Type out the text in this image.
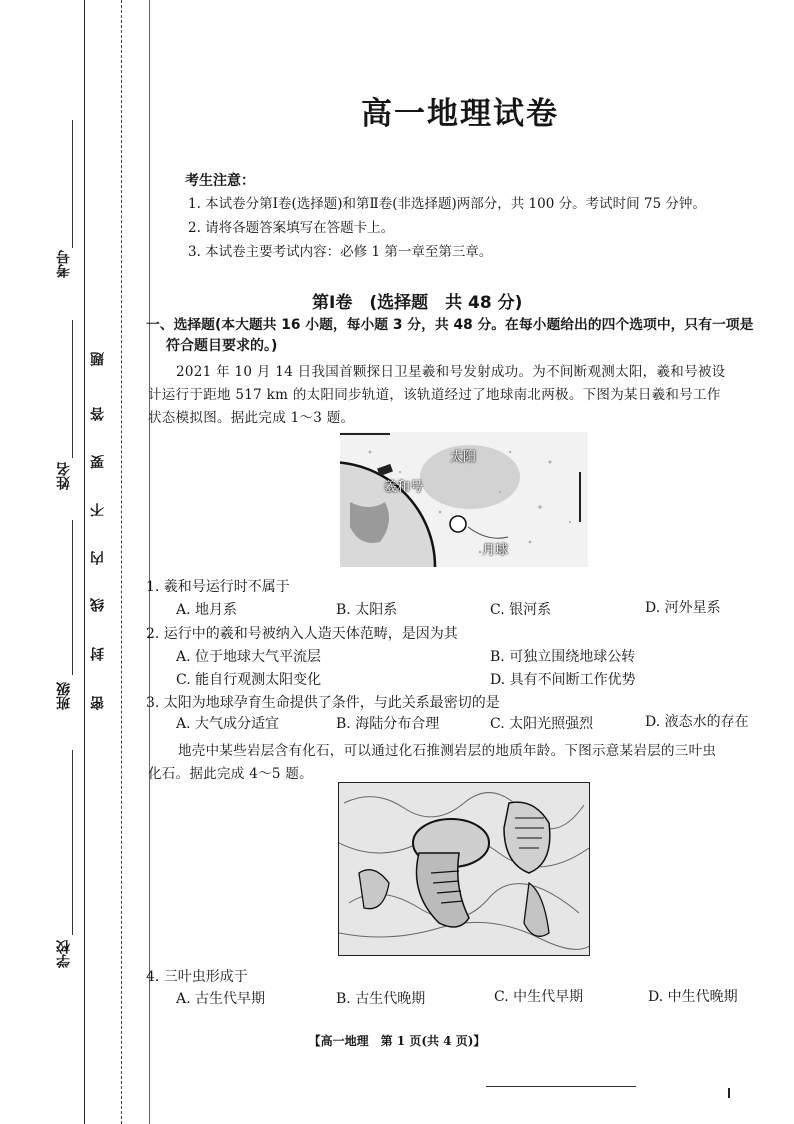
考号
姓名
班级
学校
密
封
线
内
不
要
答
题
高一地理试卷
考生注意：
1. 本试卷分第Ⅰ卷(选择题)和第Ⅱ卷(非选择题)两部分，共 100 分。考试时间 75 分钟。
2. 请将各题答案填写在答题卡上。
3. 本试卷主要考试内容：必修 1 第一章至第三章。
第Ⅰ卷　(选择题　共 48 分)
一、选择题(本大题共 16 小题，每小题 3 分，共 48 分。在每小题给出的四个选项中，只有一项是
符合题目要求的。)
2021 年 10 月 14 日我国首颗探日卫星羲和号发射成功。为不间断观测太阳，羲和号被设
计运行于距地 517 km 的太阳同步轨道，该轨道经过了地球南北两极。下图为某日羲和号工作
状态模拟图。据此完成 1～3 题。
太阳
羲和号
月球
1. 羲和号运行时不属于
A. 地月系	B. 太阳系	C. 银河系	D. 河外星系
2. 运行中的羲和号被纳入人造天体范畴，是因为其
A. 位于地球大气平流层	B. 可独立围绕地球公转
C. 能自行观测太阳变化	D. 具有不间断工作优势
3. 太阳为地球孕育生命提供了条件，与此关系最密切的是
A. 大气成分适宜	B. 海陆分布合理	C. 太阳光照强烈	D. 液态水的存在
地壳中某些岩层含有化石，可以通过化石推测岩层的地质年龄。下图示意某岩层的三叶虫
化石。据此完成 4～5 题。
4. 三叶虫形成于
A. 古生代早期	B. 古生代晚期	C. 中生代早期	D. 中生代晚期
【高一地理　第 1 页(共 4 页)】
